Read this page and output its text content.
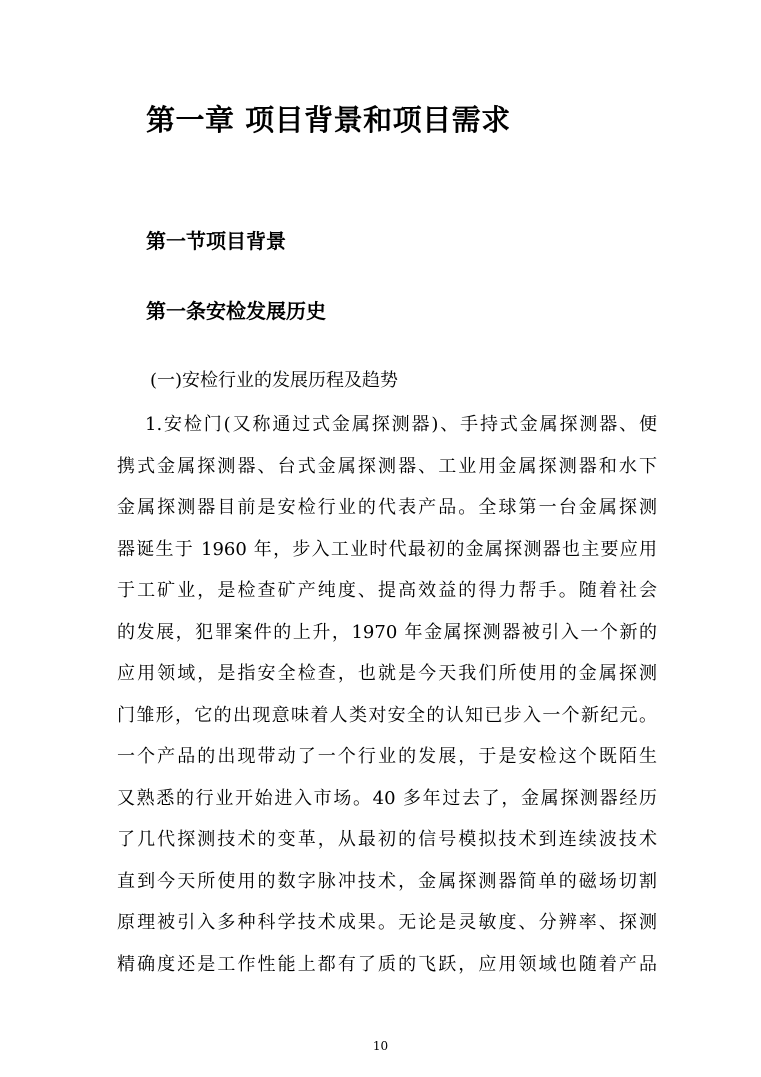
第一章 项目背景和项目需求
第一节项目背景
第一条安检发展历史
(一)安检行业的发展历程及趋势
1.安检门(又称通过式金属探测器)、手持式金属探测器、便
携式金属探测器、台式金属探测器、工业用金属探测器和水下
金属探测器目前是安检行业的代表产品。全球第一台金属探测
器诞生于 1960 年，步入工业时代最初的金属探测器也主要应用
于工矿业，是检查矿产纯度、提高效益的得力帮手。随着社会
的发展，犯罪案件的上升，1970 年金属探测器被引入一个新的
应用领域，是指安全检查，也就是今天我们所使用的金属探测
门雏形，它的出现意味着人类对安全的认知已步入一个新纪元。
一个产品的出现带动了一个行业的发展，于是安检这个既陌生
又熟悉的行业开始进入市场。40 多年过去了，金属探测器经历
了几代探测技术的变革，从最初的信号模拟技术到连续波技术
直到今天所使用的数字脉冲技术，金属探测器简单的磁场切割
原理被引入多种科学技术成果。无论是灵敏度、分辨率、探测
精确度还是工作性能上都有了质的飞跃，应用领域也随着产品
10
